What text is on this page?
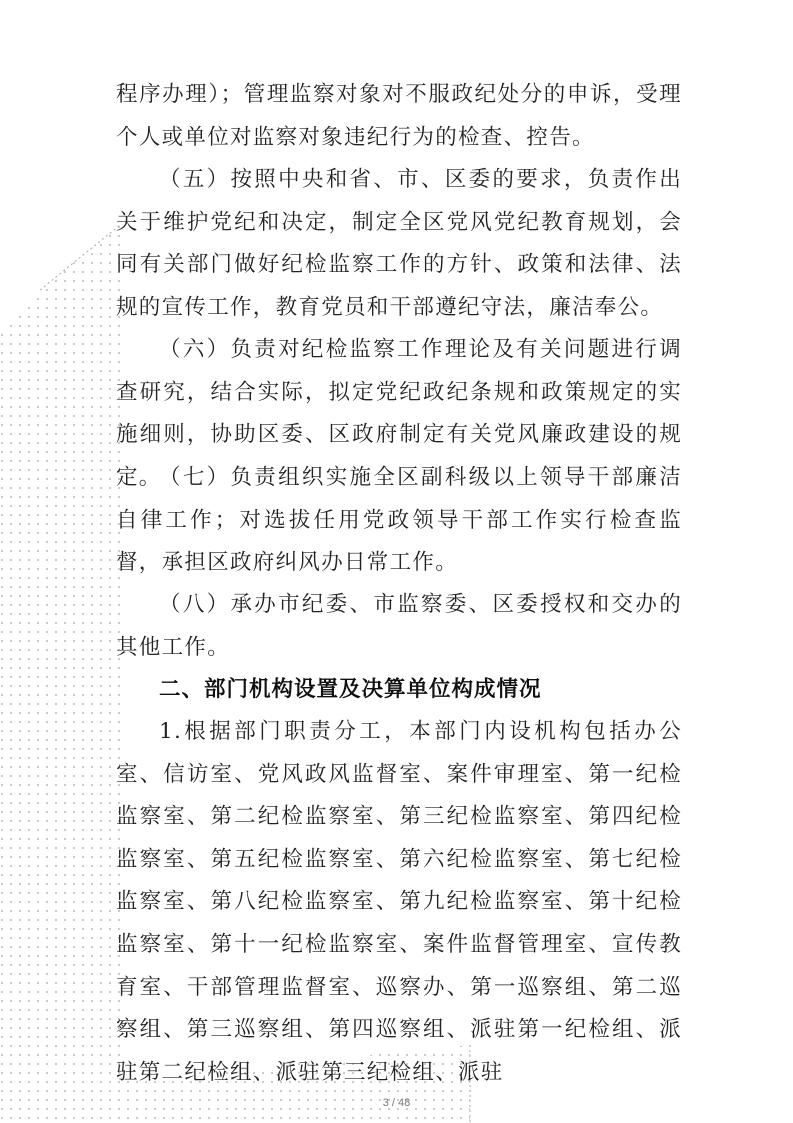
程序办理）；管理监察对象对不服政纪处分的申诉，受理个人或单位对监察对象违纪行为的检查、控告。

（五）按照中央和省、市、区委的要求，负责作出关于维护党纪和决定，制定全区党风党纪教育规划，会同有关部门做好纪检监察工作的方针、政策和法律、法规的宣传工作，教育党员和干部遵纪守法，廉洁奉公。

（六）负责对纪检监察工作理论及有关问题进行调查研究，结合实际，拟定党纪政纪条规和政策规定的实施细则，协助区委、区政府制定有关党风廉政建设的规定。

（七）负责组织实施全区副科级以上领导干部廉洁自律工作；对选拔任用党政领导干部工作实行检查监督，承担区政府纠风办日常工作。

（八）承办市纪委、市监察委、区委授权和交办的其他工作。

二、部门机构设置及决算单位构成情况

1.根据部门职责分工，本部门内设机构包括办公室、信访室、党风政风监督室、案件审理室、第一纪检监察室、第二纪检监察室、第三纪检监察室、第四纪检监察室、第五纪检监察室、第六纪检监察室、第七纪检监察室、第八纪检监察室、第九纪检监察室、第十纪检监察室、第十一纪检监察室、案件监督管理室、宣传教育室、干部管理监督室、巡察办、第一巡察组、第二巡察组、第三巡察组、第四巡察组、派驻第一纪检组、派驻第二纪检组、派驻第三纪检组、派驻

3 / 48
